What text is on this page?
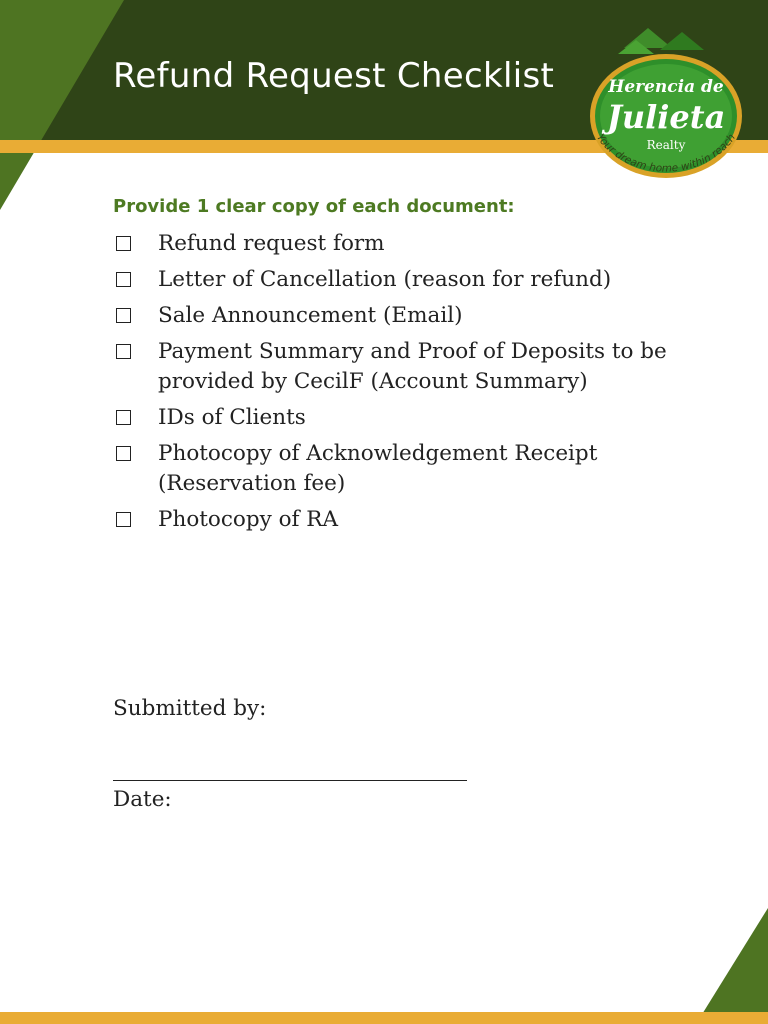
Refund Request Checklist	Herencia de
Julieta
Realty
Your dream home within reach
Provide 1 clear copy of each document:
Refund request form
Letter of Cancellation (reason for refund)
Sale Announcement (Email)
Payment Summary and Proof of Deposits to be provided by CecilF (Account Summary)
IDs of Clients
Photocopy of Acknowledgement Receipt (Reservation fee)
Photocopy of RA
Submitted by:
Date:
